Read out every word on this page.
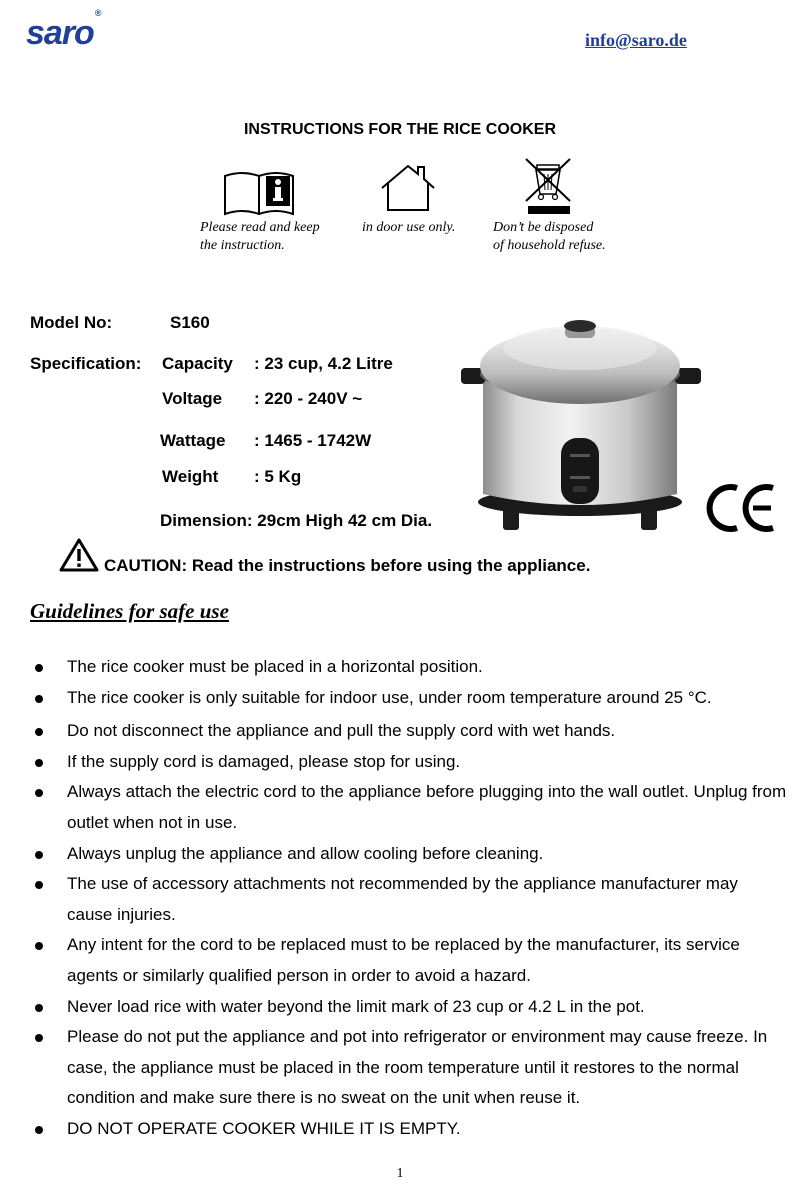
saro®
info@saro.de
INSTRUCTIONS FOR THE RICE COOKER
Please read and keep
the instruction.
in door use only.	Don’t be disposed
of household refuse.
Model No:	S160
Specification: Capacity : 23 cup, 4.2 Litre
Voltage : 220 - 240V ~
Wattage : 1465 - 1742W
Weight : 5 Kg
Dimension: 29cm High 42 cm Dia.
CAUTION: Read the instructions before using the appliance.
Guidelines for safe use
The rice cooker must be placed in a horizontal position.
The rice cooker is only suitable for indoor use, under room temperature around 25 °C.
Do not disconnect the appliance and pull the supply cord with wet hands.
If the supply cord is damaged, please stop for using.
Always attach the electric cord to the appliance before plugging into the wall outlet. Unplug from outlet when not in use.
Always unplug the appliance and allow cooling before cleaning.
The use of accessory attachments not recommended by the appliance manufacturer may cause injuries.
Any intent for the cord to be replaced must to be replaced by the manufacturer, its service agents or similarly qualified person in order to avoid a hazard.
Never load rice with water beyond the limit mark of 23 cup or 4.2 L in the pot.
Please do not put the appliance and pot into refrigerator or environment may cause freeze. In case, the appliance must be placed in the room temperature until it restores to the normal condition and make sure there is no sweat on the unit when reuse it.
DO NOT OPERATE COOKER WHILE IT IS EMPTY.
1
